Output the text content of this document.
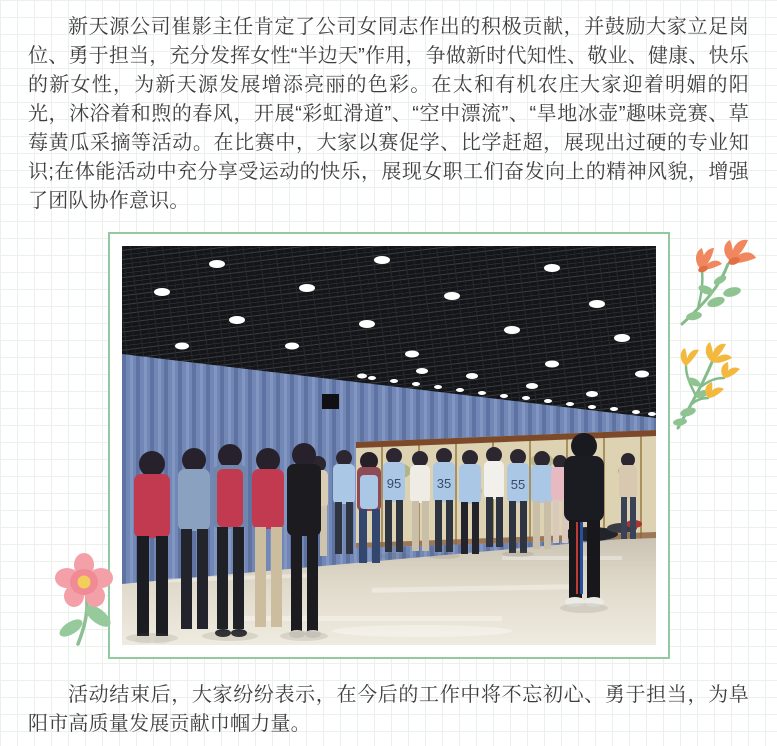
新天源公司崔影主任肯定了公司女同志作出的积极贡献，并鼓励大家立足岗位、勇于担当，充分发挥女性“半边天”作用，争做新时代知性、敬业、健康、快乐的新女性，为新天源发展增添亮丽的色彩。在太和有机农庄大家迎着明媚的阳光，沐浴着和煦的春风，开展“彩虹滑道”、“空中漂流”、“旱地冰壶”趣味竞赛、草莓黄瓜采摘等活动。在比赛中，大家以赛促学、比学赶超，展现出过硬的专业知识;在体能活动中充分享受运动的快乐，展现女职工们奋发向上的精神风貌，增强了团队协作意识。

95	35	55

活动结束后，大家纷纷表示，在今后的工作中将不忘初心、勇于担当，为阜阳市高质量发展贡献巾帼力量。
